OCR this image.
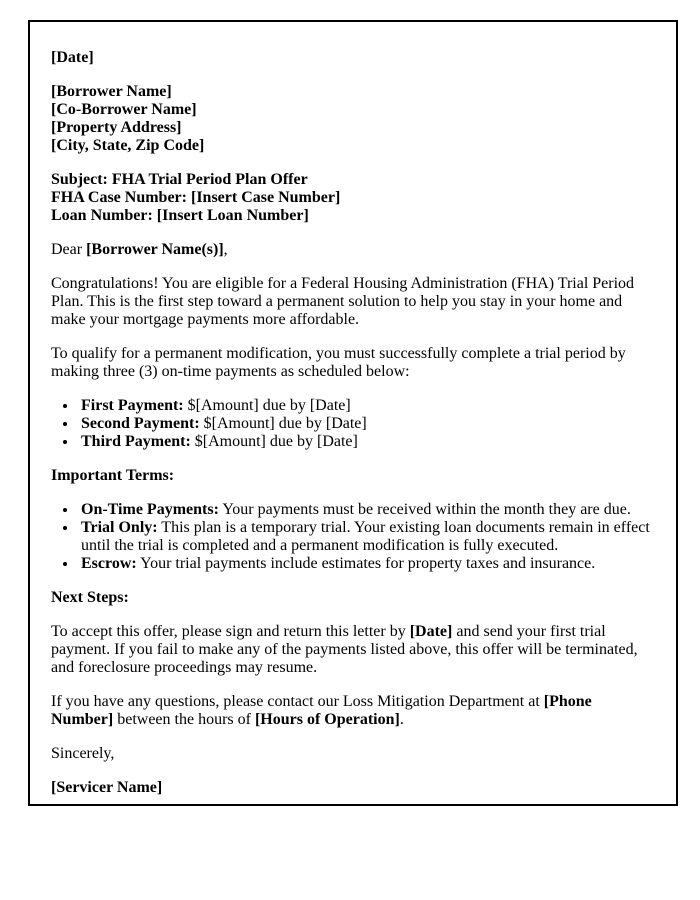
[Date]

[Borrower Name]
[Co-Borrower Name]
[Property Address]
[City, State, Zip Code]
Subject: FHA Trial Period Plan Offer
FHA Case Number: [Insert Case Number]
Loan Number: [Insert Loan Number]

Dear [Borrower Name(s)],

Congratulations! You are eligible for a Federal Housing Administration (FHA) Trial Period Plan. This is the first step toward a permanent solution to help you stay in your home and make your mortgage payments more affordable.

To qualify for a permanent modification, you must successfully complete a trial period by making three (3) on-time payments as scheduled below:

• First Payment: $[Amount] due by [Date]
• Second Payment: $[Amount] due by [Date]
• Third Payment: $[Amount] due by [Date]

Important Terms:

• On-Time Payments: Your payments must be received within the month they are due.
• Trial Only: This plan is a temporary trial. Your existing loan documents remain in effect until the trial is completed and a permanent modification is fully executed.
• Escrow: Your trial payments include estimates for property taxes and insurance.

Next Steps:

To accept this offer, please sign and return this letter by [Date] and send your first trial payment. If you fail to make any of the payments listed above, this offer will be terminated, and foreclosure proceedings may resume.

If you have any questions, please contact our Loss Mitigation Department at [Phone Number] between the hours of [Hours of Operation].

Sincerely,

[Servicer Name]
